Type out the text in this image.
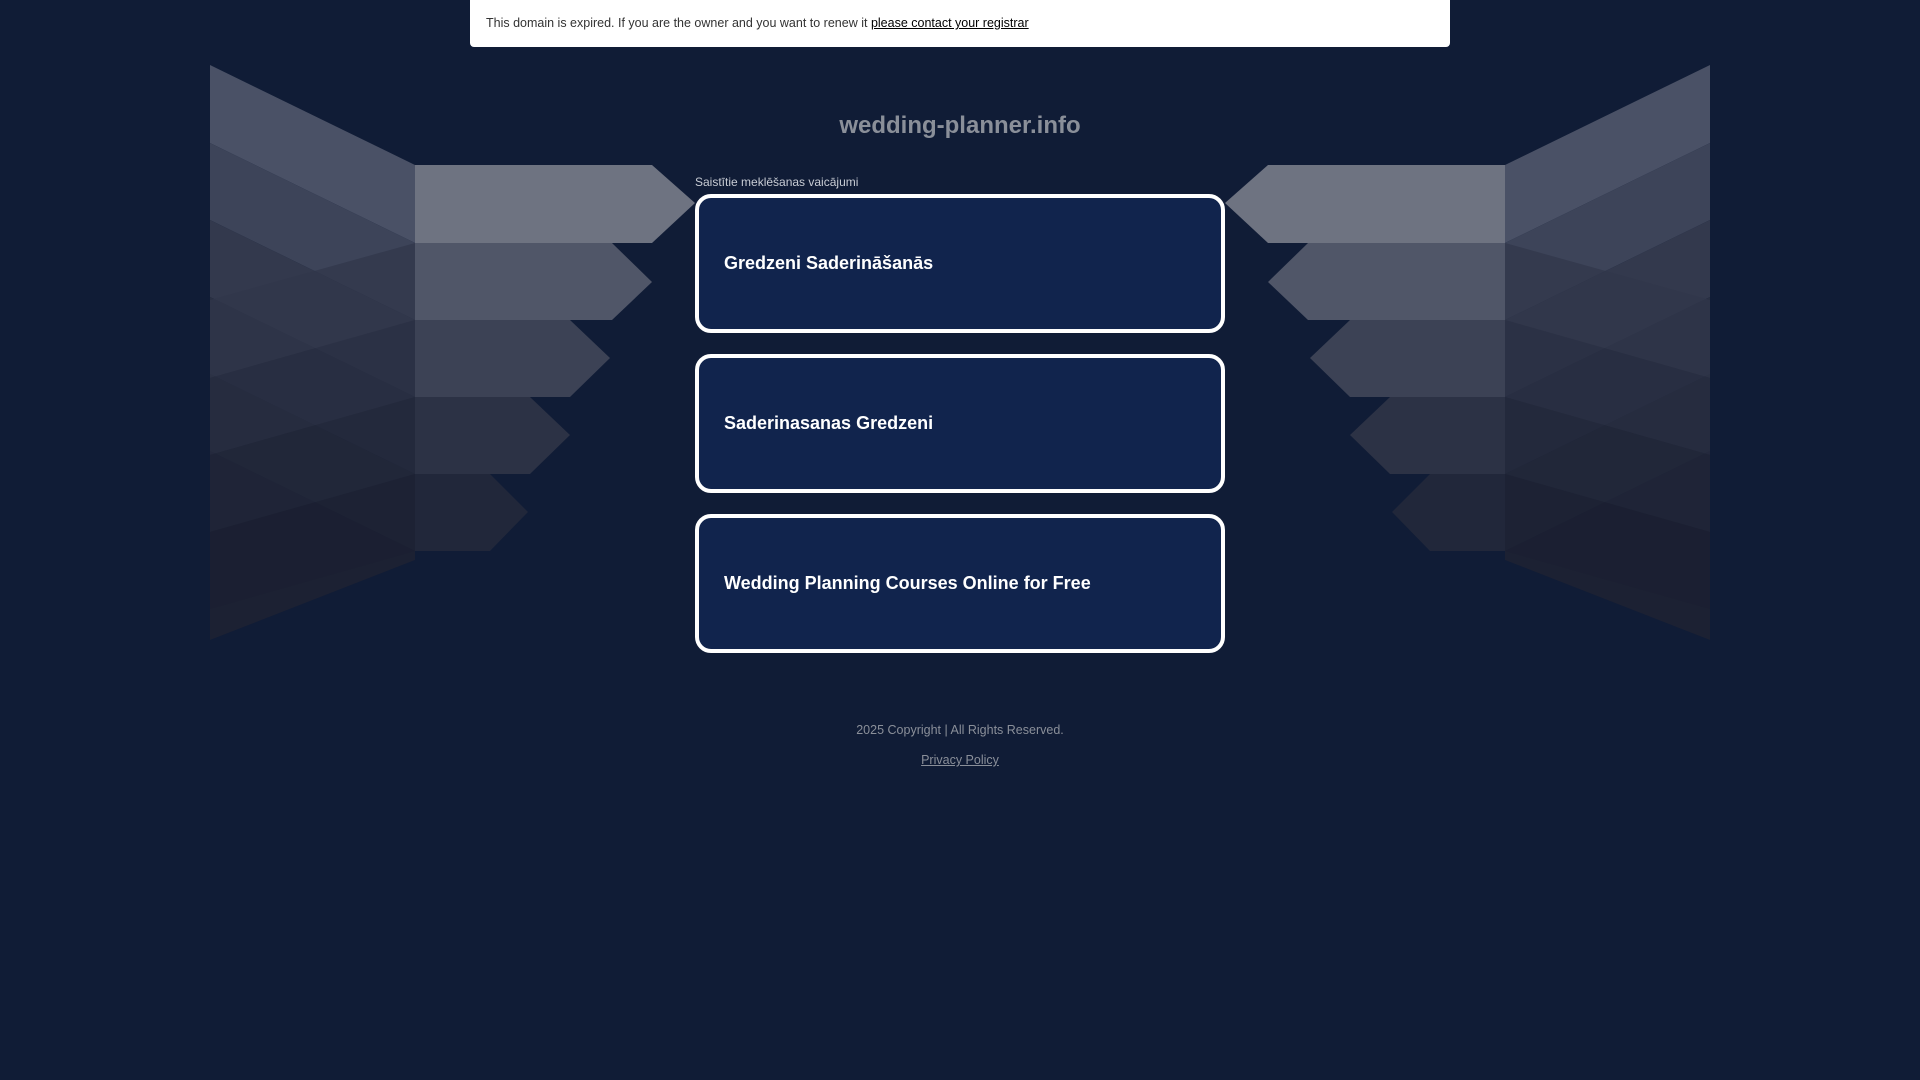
This domain is expired. If you are the owner and you want to renew it please contact your registrar
wedding-planner.info
Saistītie meklēšanas vaicājumi
Gredzeni Saderināšanās
Saderinasanas Gredzeni
Wedding Planning Courses Online for Free
2025 Copyright | All Rights Reserved.
Privacy Policy
